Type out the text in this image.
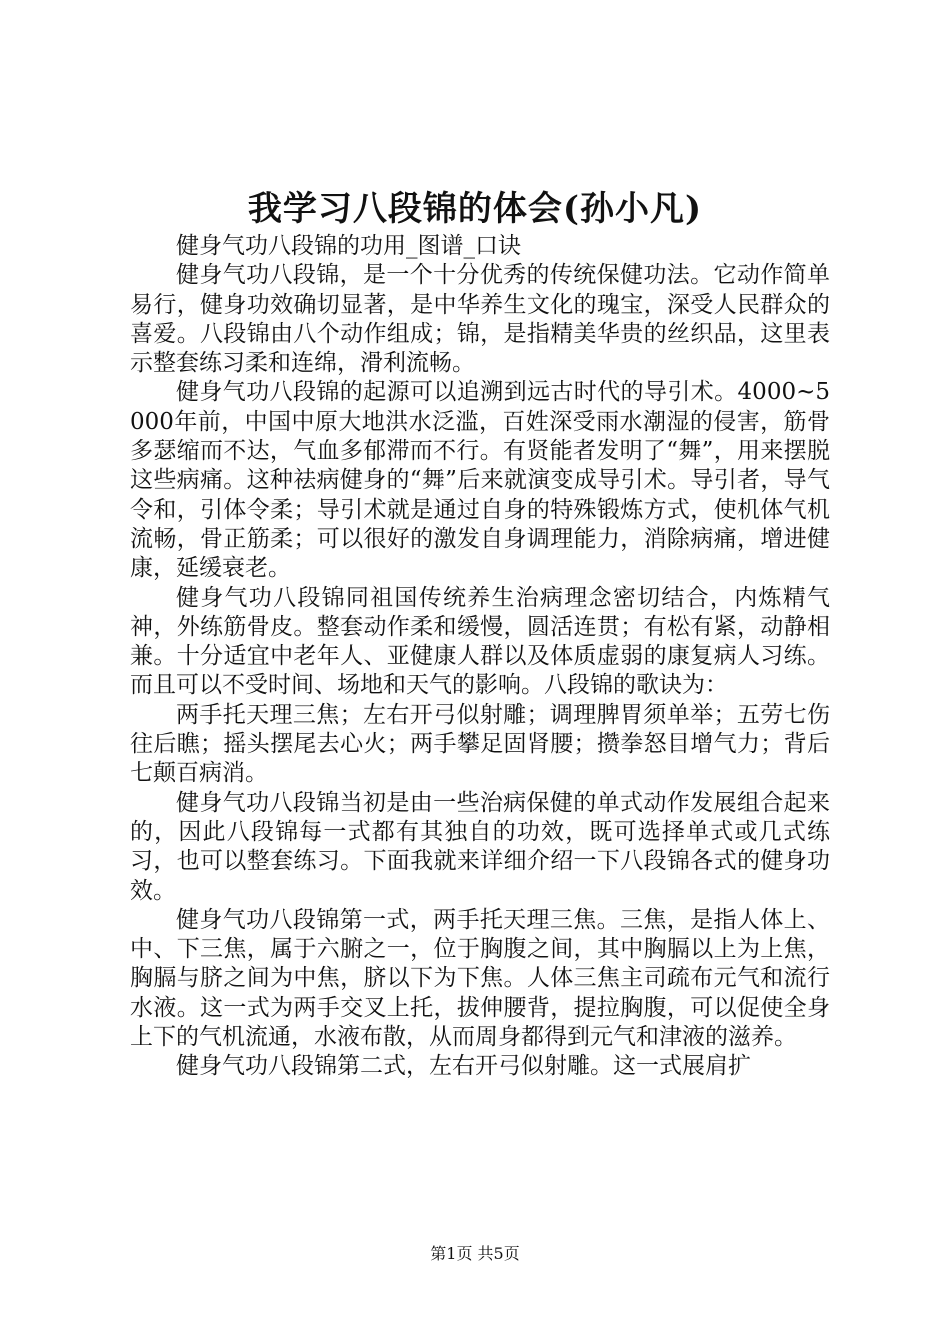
我学习八段锦的体会(孙小凡)

健身气功八段锦的功用_图谱_口诀

健身气功八段锦，是一个十分优秀的传统保健功法。它动作简单易行，健身功效确切显著，是中华养生文化的瑰宝，深受人民群众的喜爱。八段锦由八个动作组成；锦，是指精美华贵的丝织品，这里表示整套练习柔和连绵，滑利流畅。

健身气功八段锦的起源可以追溯到远古时代的导引术。4000~5000年前，中国中原大地洪水泛滥，百姓深受雨水潮湿的侵害，筋骨多瑟缩而不达，气血多郁滞而不行。有贤能者发明了“舞”，用来摆脱这些病痛。这种祛病健身的“舞”后来就演变成导引术。导引者，导气令和，引体令柔；导引术就是通过自身的特殊锻炼方式，使机体气机流畅，骨正筋柔；可以很好的激发自身调理能力，消除病痛，增进健康，延缓衰老。

健身气功八段锦同祖国传统养生治病理念密切结合，内炼精气神，外练筋骨皮。整套动作柔和缓慢，圆活连贯；有松有紧，动静相兼。十分适宜中老年人、亚健康人群以及体质虚弱的康复病人习练。而且可以不受时间、场地和天气的影响。八段锦的歌诀为：

两手托天理三焦；左右开弓似射雕；调理脾胃须单举；五劳七伤往后瞧；摇头摆尾去心火；两手攀足固肾腰；攒拳怒目增气力；背后七颠百病消。

健身气功八段锦当初是由一些治病保健的单式动作发展组合起来的，因此八段锦每一式都有其独自的功效，既可选择单式或几式练习，也可以整套练习。下面我就来详细介绍一下八段锦各式的健身功效。

健身气功八段锦第一式，两手托天理三焦。三焦，是指人体上、中、下三焦，属于六腑之一，位于胸腹之间，其中胸膈以上为上焦，胸膈与脐之间为中焦，脐以下为下焦。人体三焦主司疏布元气和流行水液。这一式为两手交叉上托，拔伸腰背，提拉胸腹，可以促使全身上下的气机流通，水液布散，从而周身都得到元气和津液的滋养。

健身气功八段锦第二式，左右开弓似射雕。这一式展肩扩

第1页 共5页
